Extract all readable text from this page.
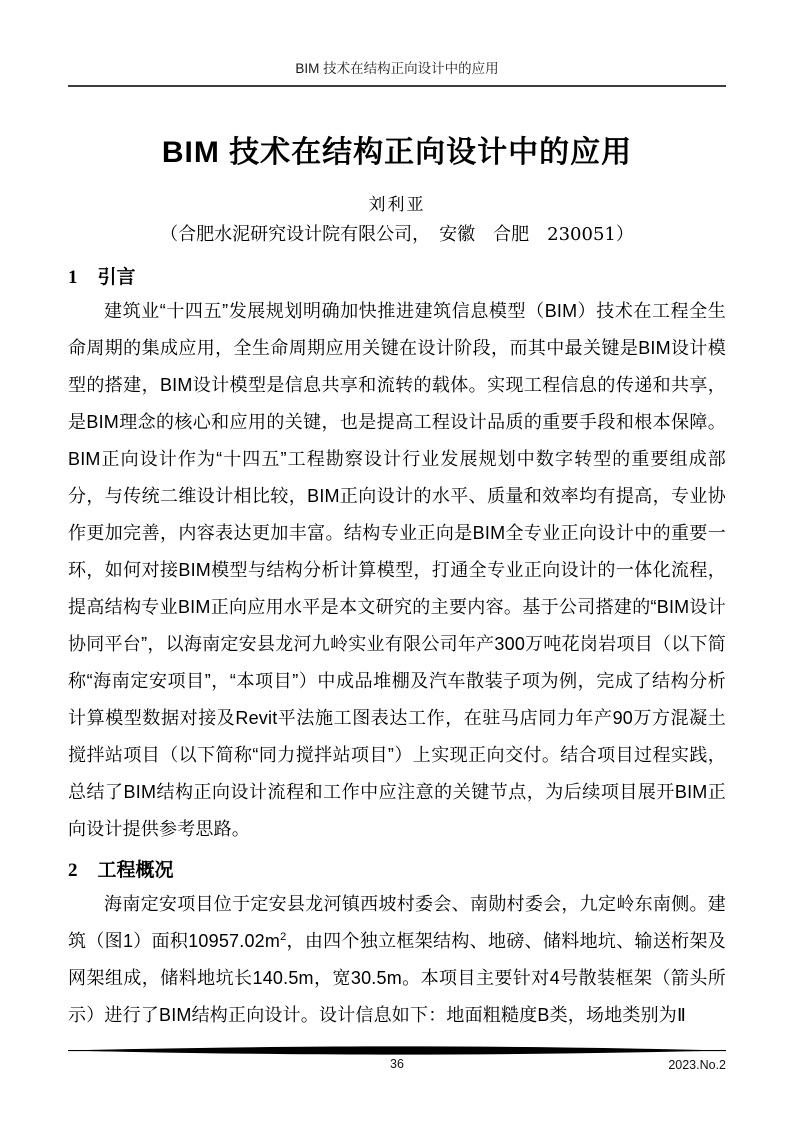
BIM 技术在结构正向设计中的应用
BIM 技术在结构正向设计中的应用
刘利亚
（合肥水泥研究设计院有限公司，　安徽　合肥　230051）
1 引言

建筑业“十四五”发展规划明确加快推进建筑信息模型（BIM）技术在工程全生命周期的集成应用，全生命周期应用关键在设计阶段，而其中最关键是BIM设计模型的搭建，BIM设计模型是信息共享和流转的载体。实现工程信息的传递和共享，是BIM理念的核心和应用的关键，也是提高工程设计品质的重要手段和根本保障。BIM正向设计作为“十四五”工程勘察设计行业发展规划中数字转型的重要组成部分，与传统二维设计相比较，BIM正向设计的水平、质量和效率均有提高，专业协作更加完善，内容表达更加丰富。结构专业正向是BIM全专业正向设计中的重要一环，如何对接BIM模型与结构分析计算模型，打通全专业正向设计的一体化流程，提高结构专业BIM正向应用水平是本文研究的主要内容。基于公司搭建的“BIM设计协同平台”，以海南定安县龙河九岭实业有限公司年产300万吨花岗岩项目（以下简称“海南定安项目”，“本项目”）中成品堆棚及汽车散装子项为例，完成了结构分析计算模型数据对接及Revit平法施工图表达工作，在驻马店同力年产90万方混凝土搅拌站项目（以下简称“同力搅拌站项目”）上实现正向交付。结合项目过程实践，总结了BIM结构正向设计流程和工作中应注意的关键节点，为后续项目展开BIM正向设计提供参考思路。

2 工程概况

海南定安项目位于定安县龙河镇西坡村委会、南勋村委会，九定岭东南侧。建筑（图1）面积$10957.02m^2$，由四个独立框架结构、地磅、储料地坑、输送桁架及网架组成，储料地坑长140.5m，宽30.5m。本项目主要针对4号散装框架（箭头所示）进行了BIM结构正向设计。设计信息如下：地面粗糙度B类，场地类别为Ⅱ

36	2023.No.2
